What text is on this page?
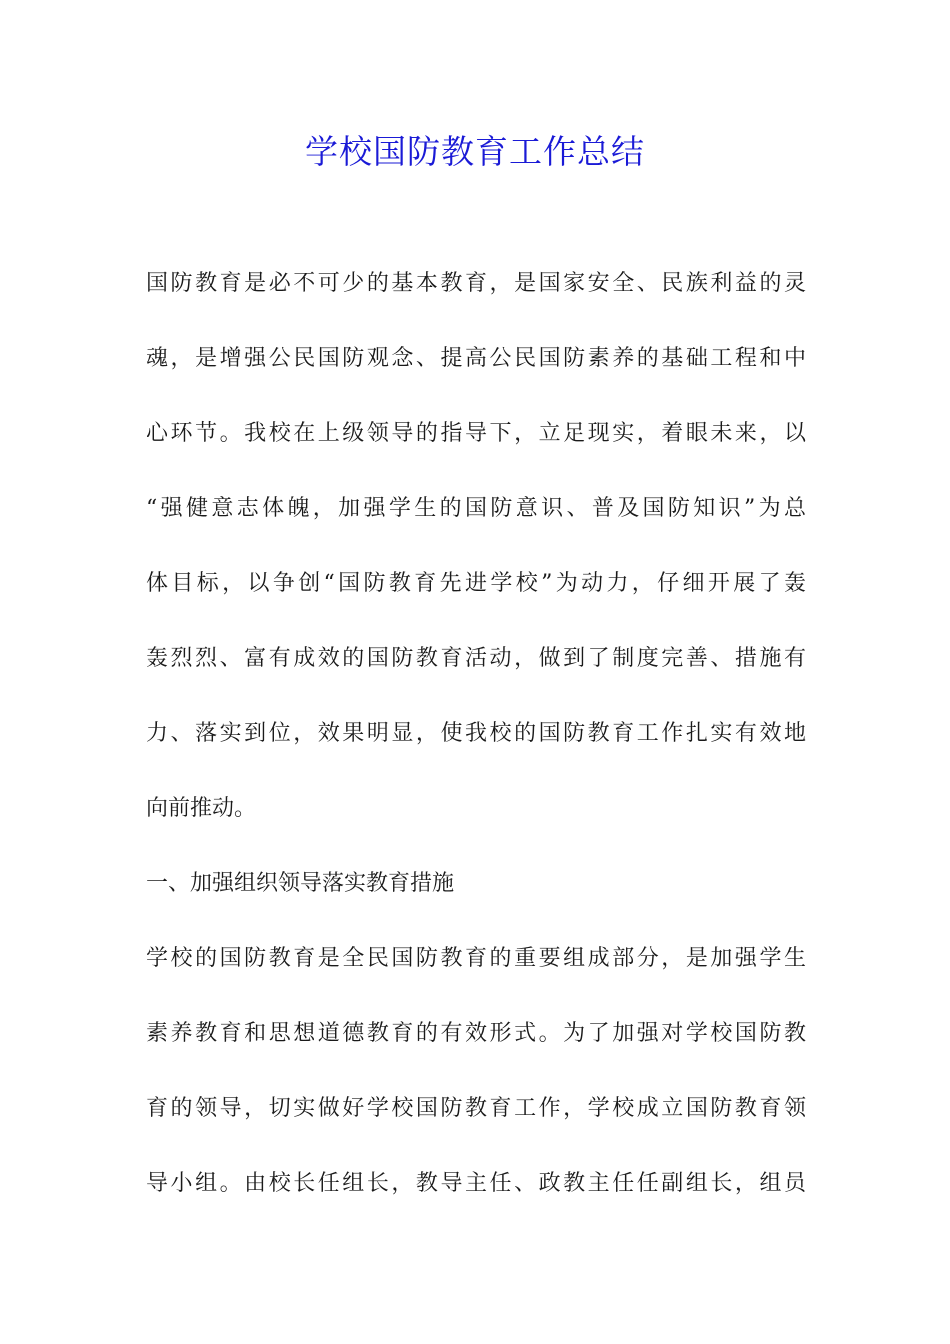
学校国防教育工作总结
国防教育是必不可少的基本教育，是国家安全、民族利益的灵
魂，是增强公民国防观念、提高公民国防素养的基础工程和中
心环节。我校在上级领导的指导下，立足现实，着眼未来，以
“强健意志体魄，加强学生的国防意识、普及国防知识”为总
体目标，以争创“国防教育先进学校”为动力，仔细开展了轰
轰烈烈、富有成效的国防教育活动，做到了制度完善、措施有
力、落实到位，效果明显，使我校的国防教育工作扎实有效地
向前推动。
一、加强组织领导落实教育措施
学校的国防教育是全民国防教育的重要组成部分，是加强学生
素养教育和思想道德教育的有效形式。为了加强对学校国防教
育的领导，切实做好学校国防教育工作，学校成立国防教育领
导小组。由校长任组长，教导主任、政教主任任副组长，组员
